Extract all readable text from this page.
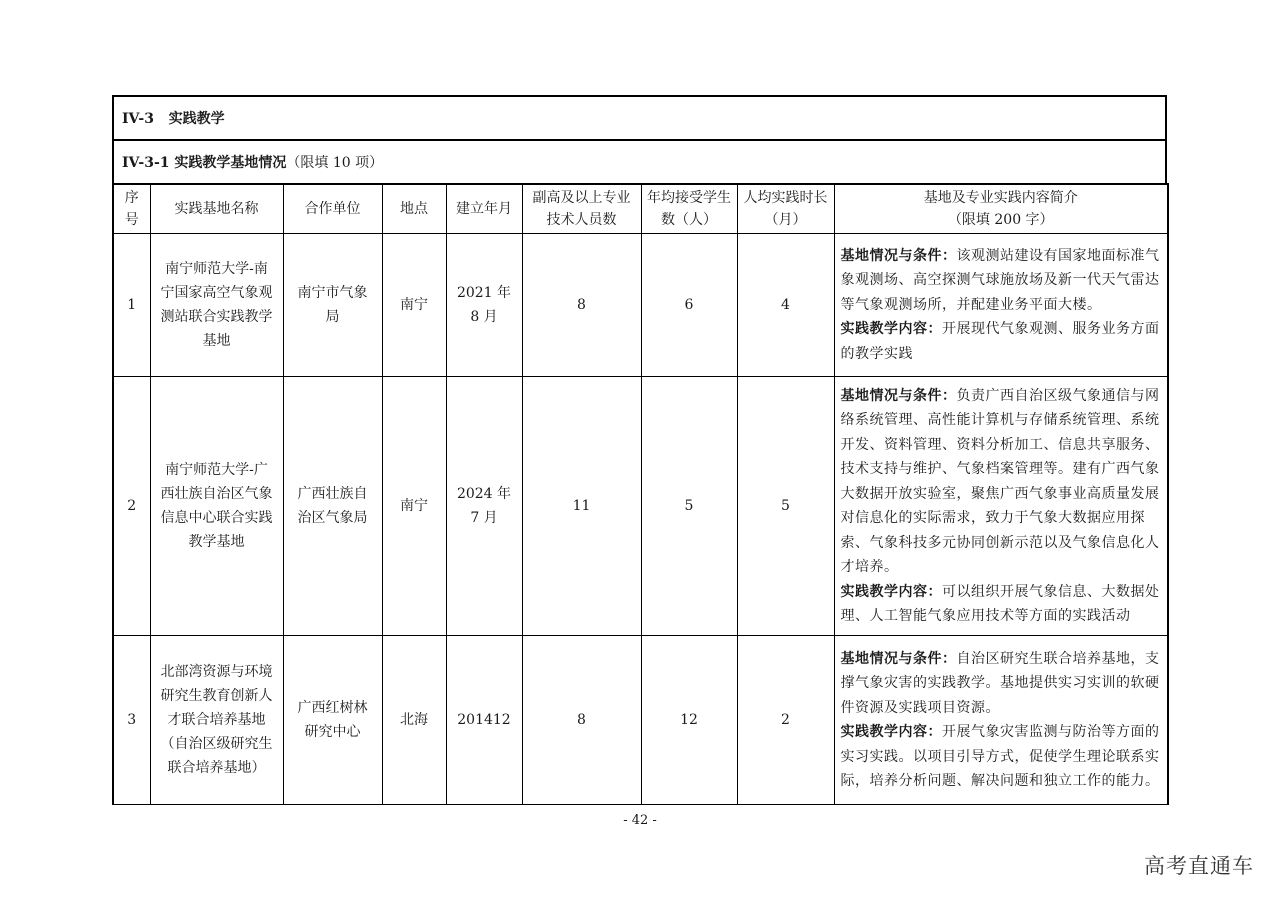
IV-3   实践教学
IV-3-1 实践教学基地情况 （限填 10 项）
序号	实践基地名称	合作单位	地点	建立年月	副高及以上专业技术人员数	年均接受学生数（人）	人均实践时长（月）	基地及专业实践内容简介
（限填 200 字）

1	南宁师范大学-南宁国家高空气象观测站联合实践教学基地	南宁市气象局	南宁	2021 年 8 月	8	6	4	基地情况与条件：该观测站建设有国家地面标准气象观测场、高空探测气球施放场及新一代天气雷达等气象观测场所，并配建业务平面大楼。
实践教学内容：开展现代气象观测、服务业务方面的教学实践
2	南宁师范大学-广西壮族自治区气象信息中心联合实践教学基地	广西壮族自治区气象局	南宁	2024 年 7 月	11	5	5	基地情况与条件：负责广西自治区级气象通信与网络系统管理、高性能计算机与存储系统管理、系统开发、资料管理、资料分析加工、信息共享服务、技术支持与维护、气象档案管理等。建有广西气象大数据开放实验室，聚焦广西气象事业高质量发展对信息化的实际需求，致力于气象大数据应用探索、气象科技多元协同创新示范以及气象信息化人才培养。
实践教学内容：可以组织开展气象信息、大数据处理、人工智能气象应用技术等方面的实践活动
3	北部湾资源与环境研究生教育创新人才联合培养基地（自治区级研究生联合培养基地）	广西红树林研究中心	北海	201412	8	12	2	基地情况与条件：自治区研究生联合培养基地，支撑气象灾害的实践教学。基地提供实习实训的软硬件资源及实践项目资源。
实践教学内容：开展气象灾害监测与防治等方面的实习实践。以项目引导方式，促使学生理论联系实际，培养分析问题、解决问题和独立工作的能力。
- 42 -
高考直通车
